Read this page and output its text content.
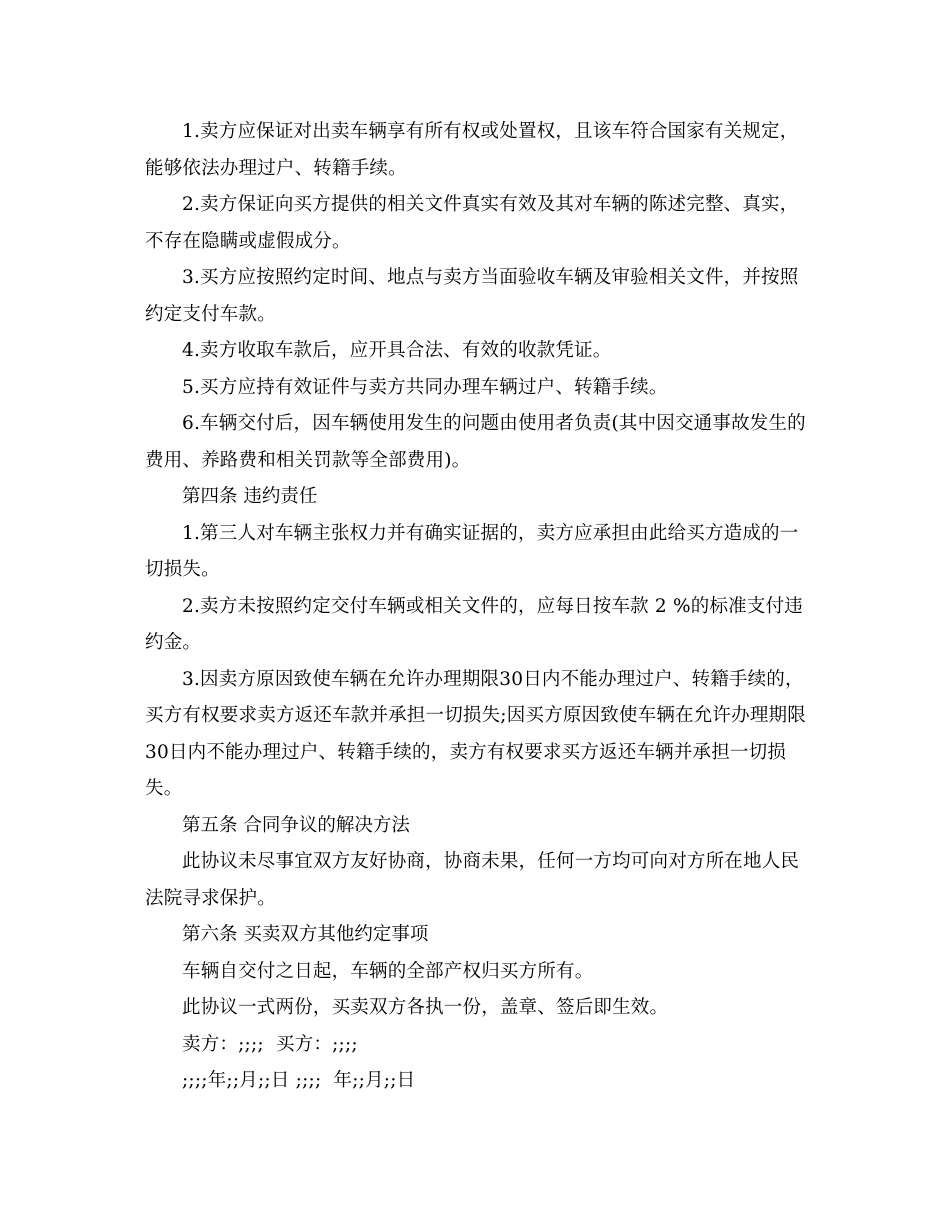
1.卖方应保证对出卖车辆享有所有权或处置权，且该车符合国家有关规定，能够依法办理过户、转籍手续。

2.卖方保证向买方提供的相关文件真实有效及其对车辆的陈述完整、真实，不存在隐瞒或虚假成分。

3.买方应按照约定时间、地点与卖方当面验收车辆及审验相关文件，并按照约定支付车款。

4.卖方收取车款后，应开具合法、有效的收款凭证。

5.买方应持有效证件与卖方共同办理车辆过户、转籍手续。

6.车辆交付后，因车辆使用发生的问题由使用者负责(其中因交通事故发生的费用、养路费和相关罚款等全部费用)。

第四条 违约责任

1.第三人对车辆主张权力并有确实证据的，卖方应承担由此给买方造成的一切损失。

2.卖方未按照约定交付车辆或相关文件的，应每日按车款 2 %的标准支付违约金。

3.因卖方原因致使车辆在允许办理期限30日内不能办理过户、转籍手续的，买方有权要求卖方返还车款并承担一切损失;因买方原因致使车辆在允许办理期限30日内不能办理过户、转籍手续的，卖方有权要求买方返还车辆并承担一切损失。

第五条 合同争议的解决方法

此协议未尽事宜双方友好协商，协商未果，任何一方均可向对方所在地人民法院寻求保护。

第六条 买卖双方其他约定事项

车辆自交付之日起，车辆的全部产权归买方所有。

此协议一式两份，买卖双方各执一份，盖章、签后即生效。

卖方：;;;;  买方：;;;;

;;;;年;;月;;日 ;;;;  年;;月;;日
